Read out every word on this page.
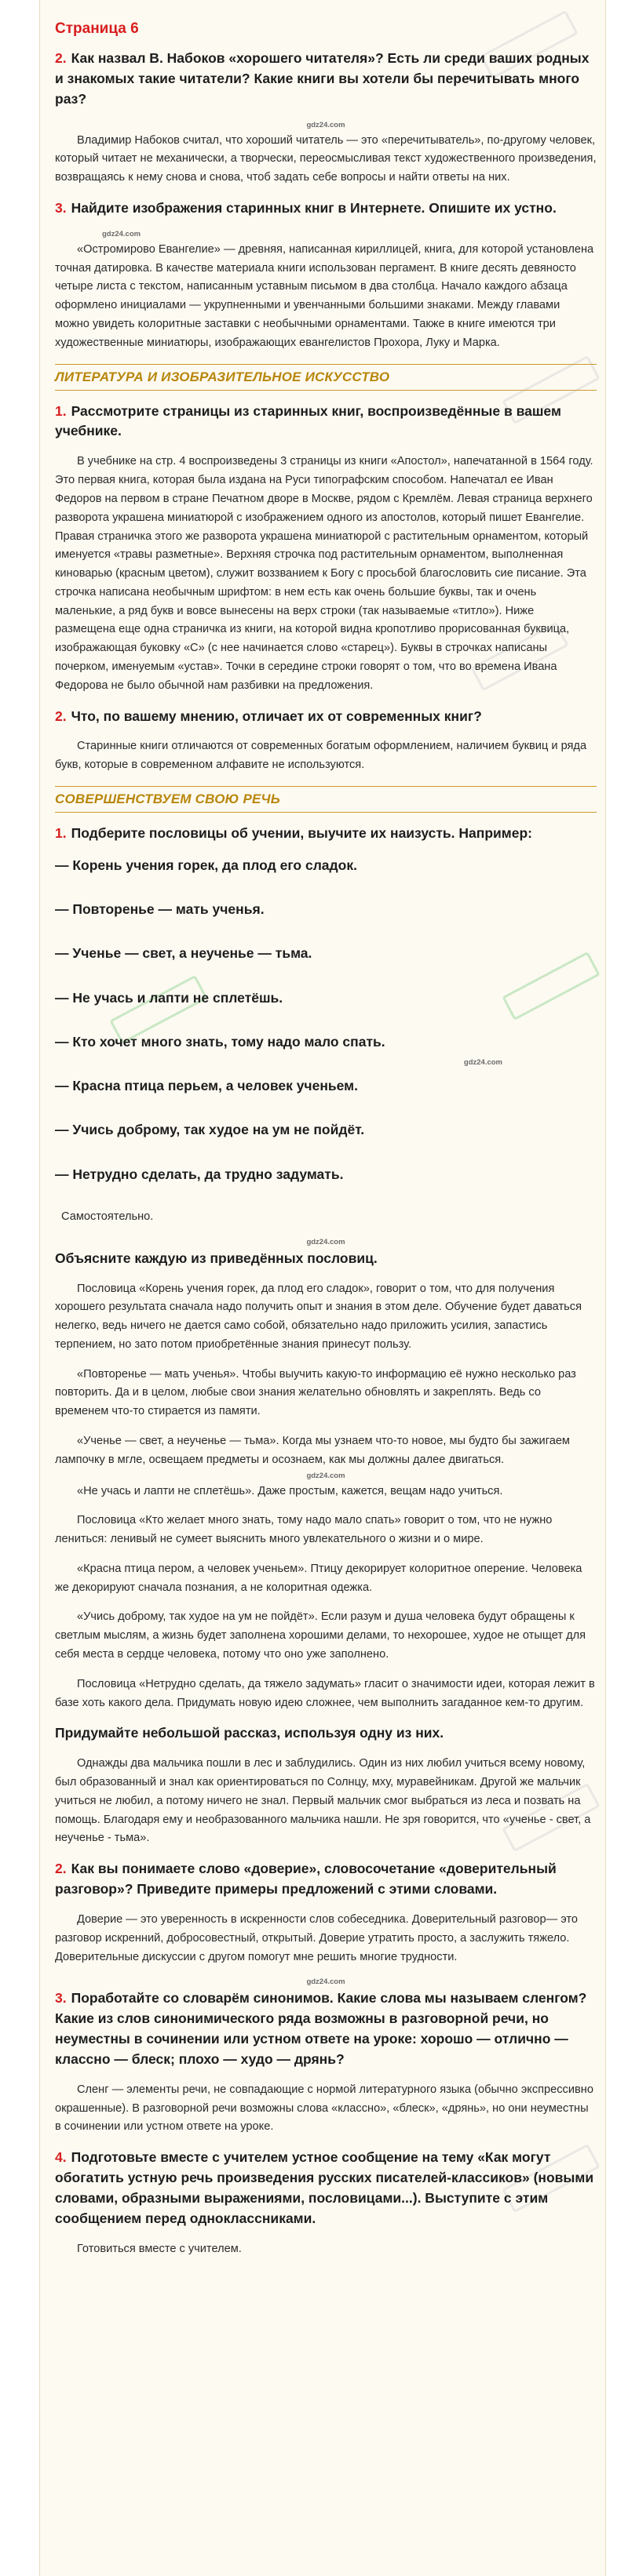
Страница 6
2. Как назвал В. Набоков «хорошего читателя»? Есть ли среди ваших родных и знакомых такие читатели? Какие книги вы хотели бы перечитывать много раз?
gdz24.com

Владимир Набоков считал, что хороший читатель — это «перечитыватель», по-другому человек, который читает не механически, а творчески, переосмысливая текст художественного произведения, возвращаясь к нему снова и снова, чтоб задать себе вопросы и найти ответы на них.

3. Найдите изображения старинных книг в Интернете. Опишите их устно.
gdz24.com

«Остромирово Евангелие» — древняя, написанная кириллицей, книга, для которой установлена точная датировка. В качестве материала книги использован пергамент. В книге десять девяносто четыре листа с текстом, написанным уставным письмом в два столбца. Начало каждого абзаца оформлено инициалами — укрупненными и увенчанными большими знаками. Между главами можно увидеть колоритные заставки с необычными орнаментами. Также в книге имеются три художественные миниатюры, изображающих евангелистов Прохора, Луку и Марка.

ЛИТЕРАТУРА И ИЗОБРАЗИТЕЛЬНОЕ ИСКУССТВО
1. Рассмотрите страницы из старинных книг, воспроизведённые в вашем учебнике.

В учебнике на стр. 4 воспроизведены 3 страницы из книги «Апостол», напечатанной в 1564 году. Это первая книга, которая была издана на Руси типографским способом. Напечатал ее Иван Федоров на первом в стране Печатном дворе в Москве, рядом с Кремлём. Левая страница верхнего разворота украшена миниатюрой с изображением одного из апостолов, который пишет Евангелие. Правая страничка этого же разворота украшена миниатюрой с растительным орнаментом, который именуется «травы разметные». Верхняя строчка под растительным орнаментом, выполненная киноварью (красным цветом), служит воззванием к Богу с просьбой благословить сие писание. Эта строчка написана необычным шрифтом: в нем есть как очень большие буквы, так и очень маленькие, а ряд букв и вовсе вынесены на верх строки (так называемые «титло»). Ниже размещена еще одна страничка из книги, на которой видна кропотливо прорисованная буквица, изображающая буковку «С» (с нее начинается слово «старец»). Буквы в строчках написаны почерком, именуемым «устав». Точки в середине строки говорят о том, что во времена Ивана Федорова не было обычной нам разбивки на предложения.

2. Что, по вашему мнению, отличает их от современных книг?

Старинные книги отличаются от современных богатым оформлением, наличием буквиц и ряда букв, которые в современном алфавите не используются.

СОВЕРШЕНСТВУЕМ СВОЮ РЕЧЬ
1. Подберите пословицы об учении, выучите их наизусть. Например:
— Корень учения горек, да плод его сладок.
— Повторенье — мать ученья.
— Ученье — свет, а неученье — тьма.
— Не учась и лапти не сплетёшь.
— Кто хочет много знать, тому надо мало спать.
gdz24.com
— Красна птица перьем, а человек ученьем.
— Учись доброму, так худое на ум не пойдёт.
— Нетрудно сделать, да трудно задумать.

Самостоятельно.

gdz24.com
Объясните каждую из приведённых пословиц.

Пословица «Корень учения горек, да плод его сладок», говорит о том, что для получения хорошего результата сначала надо получить опыт и знания в этом деле. Обучение будет даваться нелегко, ведь ничего не дается само собой, обязательно надо приложить усилия, запастись терпением, но зато потом приобретённые знания принесут пользу.

«Повторенье — мать ученья». Чтобы выучить какую-то информацию её нужно несколько раз повторить. Да и в целом, любые свои знания желательно обновлять и закреплять. Ведь со временем что-то стирается из памяти.

«Ученье — свет, а неученье — тьма». Когда мы узнаем что-то новое, мы будто бы зажигаем лампочку в мгле, освещаем предметы и осознаем, как мы должны далее двигаться.

gdz24.com

«Не учась и лапти не сплетёшь». Даже простым, кажется, вещам надо учиться.

Пословица «Кто желает много знать, тому надо мало спать» говорит о том, что не нужно лениться: ленивый не сумеет выяснить много увлекательного о жизни и о мире.

«Красна птица пером, а человек ученьем». Птицу декорирует колоритное оперение. Человека же декорируют сначала познания, а не колоритная одежка.

«Учись доброму, так худое на ум не пойдёт». Если разум и душа человека будут обращены к светлым мыслям, а жизнь будет заполнена хорошими делами, то нехорошее, худое не отыщет для себя места в сердце человека, потому что оно уже заполнено.

Пословица «Нетрудно сделать, да тяжело задумать» гласит о значимости идеи, которая лежит в базе хоть какого дела. Придумать новую идею сложнее, чем выполнить загаданное кем-то другим.

Придумайте небольшой рассказ, используя одну из них.

Однажды два мальчика пошли в лес и заблудились. Один из них любил учиться всему новому, был образованный и знал как ориентироваться по Солнцу, мху, муравейникам. Другой же мальчик учиться не любил, а потому ничего не знал. Первый мальчик смог выбраться из леса и позвать на помощь. Благодаря ему и необразованного мальчика нашли. Не зря говорится, что «ученье - свет, а неученье - тьма».

2. Как вы понимаете слово «доверие», словосочетание «доверительный разговор»? Приведите примеры предложений с этими словами.

Доверие — это уверенность в искренности слов собеседника. Доверительный разговор— это разговор искренний, добросовестный, открытый. Доверие утратить просто, а заслужить тяжело. Доверительные дискуссии с другом помогут мне решить многие трудности.

gdz24.com
3. Поработайте со словарём синонимов. Какие слова мы называем сленгом? Какие из слов синонимического ряда возможны в разговорной речи, но неуместны в сочинении или устном ответе на уроке: хорошо — отлично — классно — блеск; плохо — худо — дрянь?

Сленг — элементы речи, не совпадающие с нормой литературного языка (обычно экспрессивно окрашенные). В разговорной речи возможны слова «классно», «блеск», «дрянь», но они неуместны в сочинении или устном ответе на уроке.

4. Подготовьте вместе с учителем устное сообщение на тему «Как могут обогатить устную речь произведения русских писателей-классиков» (новыми словами, образными выражениями, пословицами...). Выступите с этим сообщением перед одноклассниками.

Готовиться вместе с учителем.
